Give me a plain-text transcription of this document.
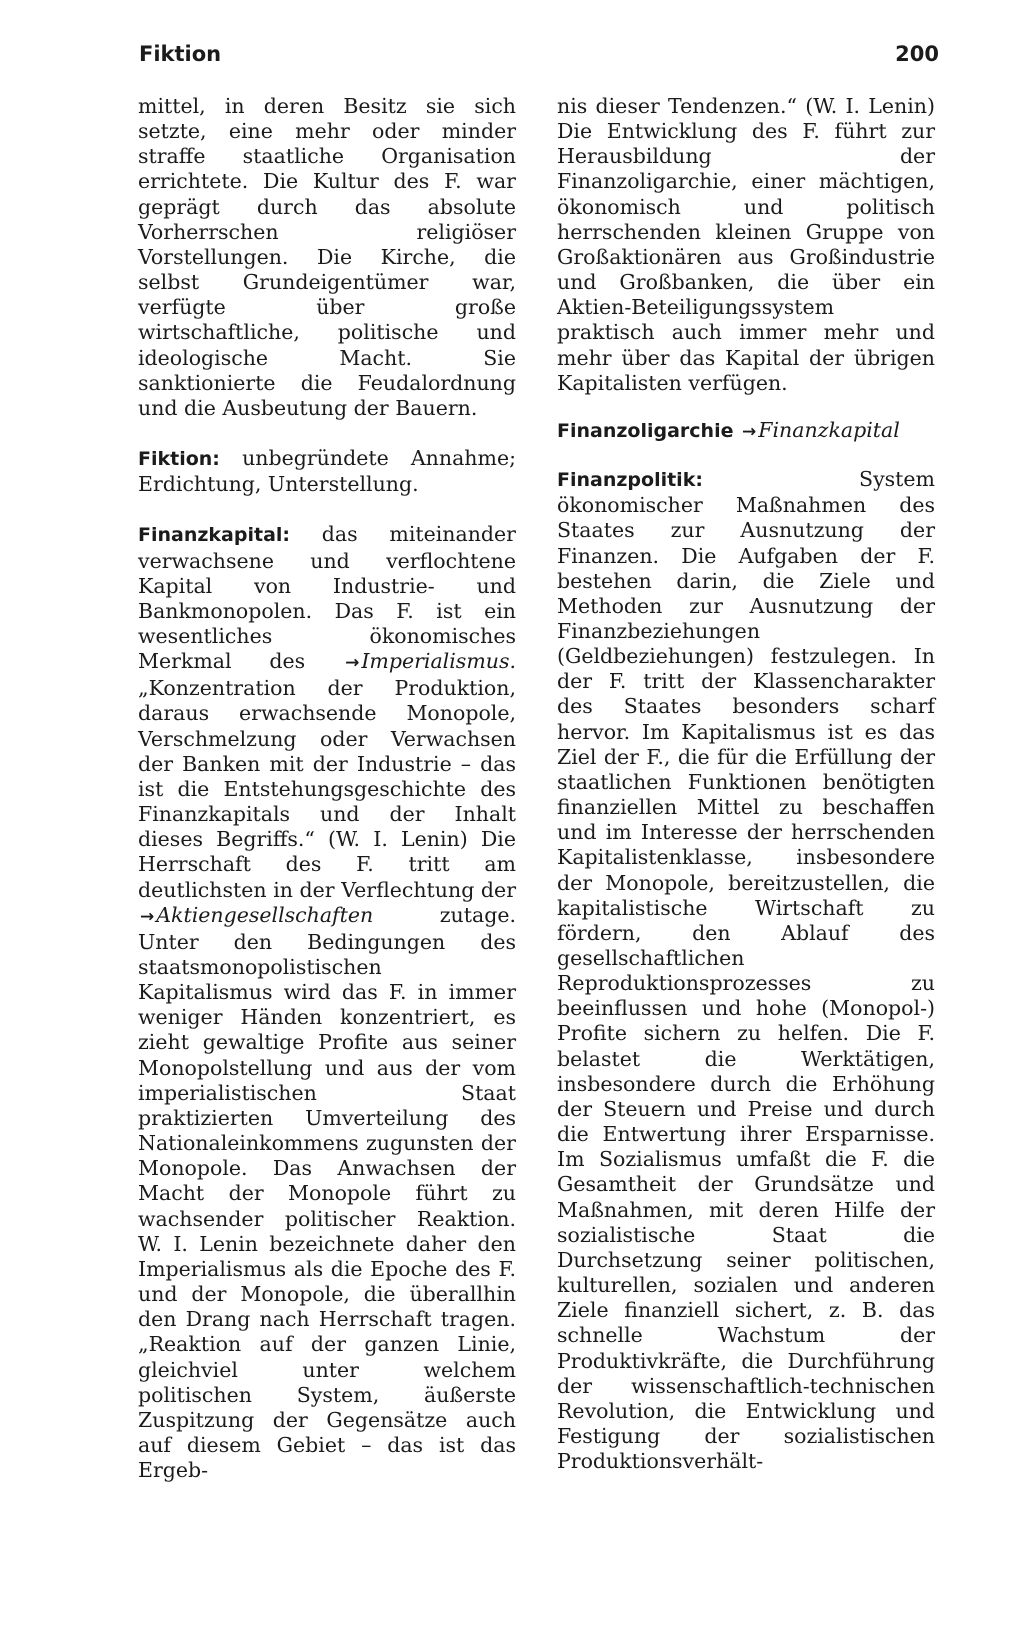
Fiktion	200

mittel, in deren Besitz sie sich setzte, eine mehr oder minder straffe staatliche Organisation errichtete. Die Kultur des F. war geprägt durch das absolute Vorherrschen religiöser Vorstellungen. Die Kirche, die selbst Grundeigentümer war, verfügte über große wirtschaftliche, politische und ideologische Macht. Sie sanktionierte die Feudalordnung und die Ausbeutung der Bauern.

Fiktion: unbegründete Annahme; Erdichtung, Unterstellung.

Finanzkapital: das miteinander verwachsene und verflochtene Kapital von Industrie- und Bankmonopolen. Das F. ist ein wesentliches ökonomisches Merkmal des →Imperialismus. „Konzentration der Produktion, daraus erwachsende Monopole, Verschmelzung oder Verwachsen der Banken mit der Industrie – das ist die Entstehungsgeschichte des Finanzkapitals und der Inhalt dieses Begriffs.“ (W. I. Lenin) Die Herrschaft des F. tritt am deutlichsten in der Verflechtung der →Aktiengesellschaften zutage. Unter den Bedingungen des staatsmonopolistischen Kapitalismus wird das F. in immer weniger Händen konzentriert, es zieht gewaltige Profite aus seiner Monopolstellung und aus der vom imperialistischen Staat praktizierten Umverteilung des Nationaleinkommens zugunsten der Monopole. Das Anwachsen der Macht der Monopole führt zu wachsender politischer Reaktion. W. I. Lenin bezeichnete daher den Imperialismus als die Epoche des F. und der Monopole, die überallhin den Drang nach Herrschaft tragen. „Reaktion auf der ganzen Linie, gleichviel unter welchem politischen System, äußerste Zuspitzung der Gegensätze auch auf diesem Gebiet – das ist das Ergeb-

nis dieser Tendenzen.“ (W. I. Lenin) Die Entwicklung des F. führt zur Herausbildung der Finanzoligarchie, einer mächtigen, ökonomisch und politisch herrschenden kleinen Gruppe von Großaktionären aus Großindustrie und Großbanken, die über ein Aktien-Beteiligungssystem praktisch auch immer mehr und mehr über das Kapital der übrigen Kapitalisten verfügen.

Finanzoligarchie →Finanzkapital

Finanzpolitik: System ökonomischer Maßnahmen des Staates zur Ausnutzung der Finanzen. Die Aufgaben der F. bestehen darin, die Ziele und Methoden zur Ausnutzung der Finanzbeziehungen (Geldbeziehungen) festzulegen. In der F. tritt der Klassencharakter des Staates besonders scharf hervor. Im Kapitalismus ist es das Ziel der F., die für die Erfüllung der staatlichen Funktionen benötigten finanziellen Mittel zu beschaffen und im Interesse der herrschenden Kapitalistenklasse, insbesondere der Monopole, bereitzustellen, die kapitalistische Wirtschaft zu fördern, den Ablauf des gesellschaftlichen Reproduktionsprozesses zu beeinflussen und hohe (Monopol-) Profite sichern zu helfen. Die F. belastet die Werktätigen, insbesondere durch die Erhöhung der Steuern und Preise und durch die Entwertung ihrer Ersparnisse. Im Sozialismus umfaßt die F. die Gesamtheit der Grundsätze und Maßnahmen, mit deren Hilfe der sozialistische Staat die Durchsetzung seiner politischen, kulturellen, sozialen und anderen Ziele finanziell sichert, z. B. das schnelle Wachstum der Produktivkräfte, die Durchführung der wissenschaftlich-technischen Revolution, die Entwicklung und Festigung der sozialistischen Produktionsverhält-
